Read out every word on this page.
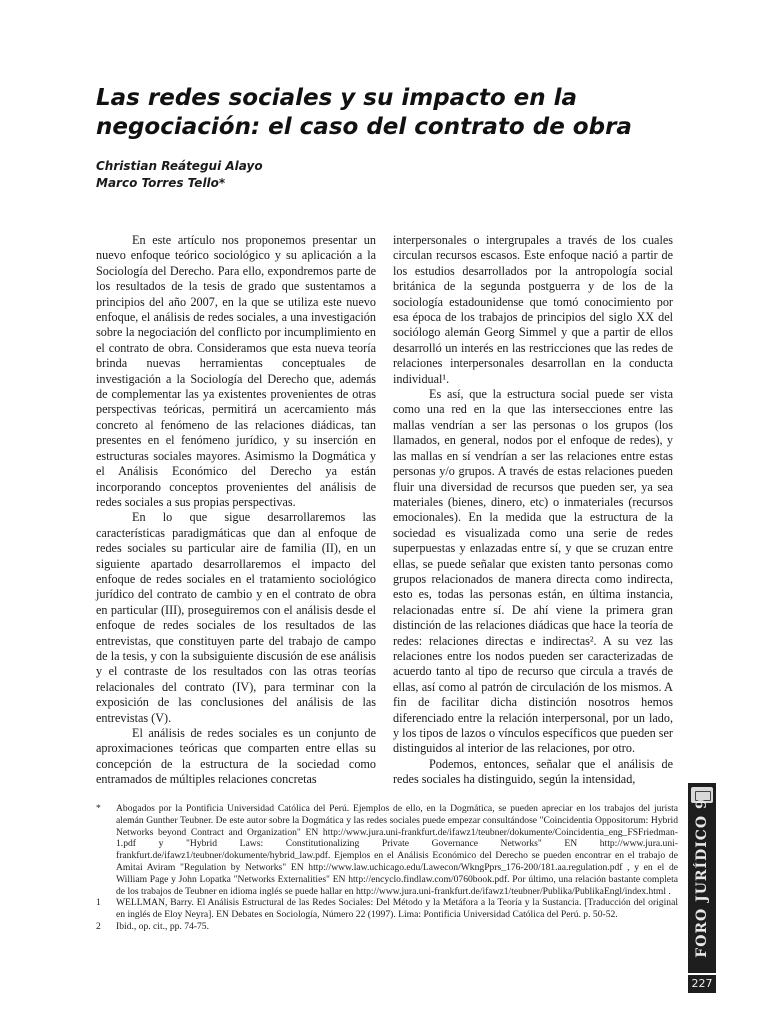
Las redes sociales y su impacto en la
negociación: el caso del contrato de obra
Christian Reátegui Alayo
Marco Torres Tello*

En este artículo nos proponemos presentar un nuevo enfoque teórico sociológico y su aplicación a la Sociología del Derecho. Para ello, expondremos parte de los resultados de la tesis de grado que sustentamos a principios del año 2007, en la que se utiliza este nuevo enfoque, el análisis de redes sociales, a una investigación sobre la negociación del conflicto por incumplimiento en el contrato de obra. Consideramos que esta nueva teoría brinda nuevas herramientas conceptuales de investigación a la Sociología del Derecho que, además de complementar las ya existentes provenientes de otras perspectivas teóricas, permitirá un acercamiento más concreto al fenómeno de las relaciones diádicas, tan presentes en el fenómeno jurídico, y su inserción en estructuras sociales mayores. Asimismo la Dogmática y el Análisis Económico del Derecho ya están incorporando conceptos provenientes del análisis de redes sociales a sus propias perspectivas.

En lo que sigue desarrollaremos las características paradigmáticas que dan al enfoque de redes sociales su particular aire de familia (II), en un siguiente apartado desarrollaremos el impacto del enfoque de redes sociales en el tratamiento sociológico jurídico del contrato de cambio y en el contrato de obra en particular (III), proseguiremos con el análisis desde el enfoque de redes sociales de los resultados de las entrevistas, que constituyen parte del trabajo de campo de la tesis, y con la subsiguiente discusión de ese análisis y el contraste de los resultados con las otras teorías relacionales del contrato (IV), para terminar con la exposición de las conclusiones del análisis de las entrevistas (V).

El análisis de redes sociales es un conjunto de aproximaciones teóricas que comparten entre ellas su concepción de la estructura de la sociedad como entramados de múltiples relaciones concretas

interpersonales o intergrupales a través de los cuales circulan recursos escasos. Este enfoque nació a partir de los estudios desarrollados por la antropología social británica de la segunda postguerra y de los de la sociología estadounidense que tomó conocimiento por esa época de los trabajos de principios del siglo XX del sociólogo alemán Georg Simmel y que a partir de ellos desarrolló un interés en las restricciones que las redes de relaciones interpersonales desarrollan en la conducta individual¹.

Es así, que la estructura social puede ser vista como una red en la que las intersecciones entre las mallas vendrían a ser las personas o los grupos (los llamados, en general, nodos por el enfoque de redes), y las mallas en sí vendrían a ser las relaciones entre estas personas y/o grupos. A través de estas relaciones pueden fluir una diversidad de recursos que pueden ser, ya sea materiales (bienes, dinero, etc) o inmateriales (recursos emocionales). En la medida que la estructura de la sociedad es visualizada como una serie de redes superpuestas y enlazadas entre sí, y que se cruzan entre ellas, se puede señalar que existen tanto personas como grupos relacionados de manera directa como indirecta, esto es, todas las personas están, en última instancia, relacionadas entre sí. De ahí viene la primera gran distinción de las relaciones diádicas que hace la teoría de redes: relaciones directas e indirectas². A su vez las relaciones entre los nodos pueden ser caracterizadas de acuerdo tanto al tipo de recurso que circula a través de ellas, así como al patrón de circulación de los mismos. A fin de facilitar dicha distinción nosotros hemos diferenciado entre la relación interpersonal, por un lado, y los tipos de lazos o vínculos específicos que pueden ser distinguidos al interior de las relaciones, por otro.

Podemos, entonces, señalar que el análisis de redes sociales ha distinguido, según la intensidad,

* Abogados por la Pontificia Universidad Católica del Perú. Ejemplos de ello, en la Dogmática, se pueden apreciar en los trabajos del jurista alemán Gunther Teubner. De este autor sobre la Dogmática y las redes sociales puede empezar consultándose "Coincidentia Oppositorum: Hybrid Networks beyond Contract and Organization" EN http://www.jura.uni-frankfurt.de/ifawz1/teubner/dokumente/Coincidentia_eng_FSFriedman-1.pdf y "Hybrid Laws: Constitutionalizing Private Governance Networks" EN http://www.jura.uni-frankfurt.de/ifawz1/teubner/dokumente/hybrid_law.pdf. Ejemplos en el Análisis Económico del Derecho se pueden encontrar en el trabajo de Amitai Aviram "Regulation by Networks" EN http://www.law.uchicago.edu/Lawecon/WkngPprs_176-200/181.aa.regulation.pdf , y en el de William Page y John Lopatka "Networks Externalities" EN http://encyclo.findlaw.com/0760book.pdf. Por último, una relación bastante completa de los trabajos de Teubner en idioma inglés se puede hallar en http://www.jura.uni-frankfurt.de/ifawz1/teubner/Publika/PublikaEngl/index.html .
1 WELLMAN, Barry. El Análisis Estructural de las Redes Sociales: Del Método y la Metáfora a la Teoría y la Sustancia. [Traducción del original en inglés de Eloy Neyra]. EN Debates en Sociología, Número 22 (1997). Lima: Pontificia Universidad Católica del Perú. p. 50-52.
2 Ibid., op. cit., pp. 74-75.	FORO JURÍDICO 9
227
